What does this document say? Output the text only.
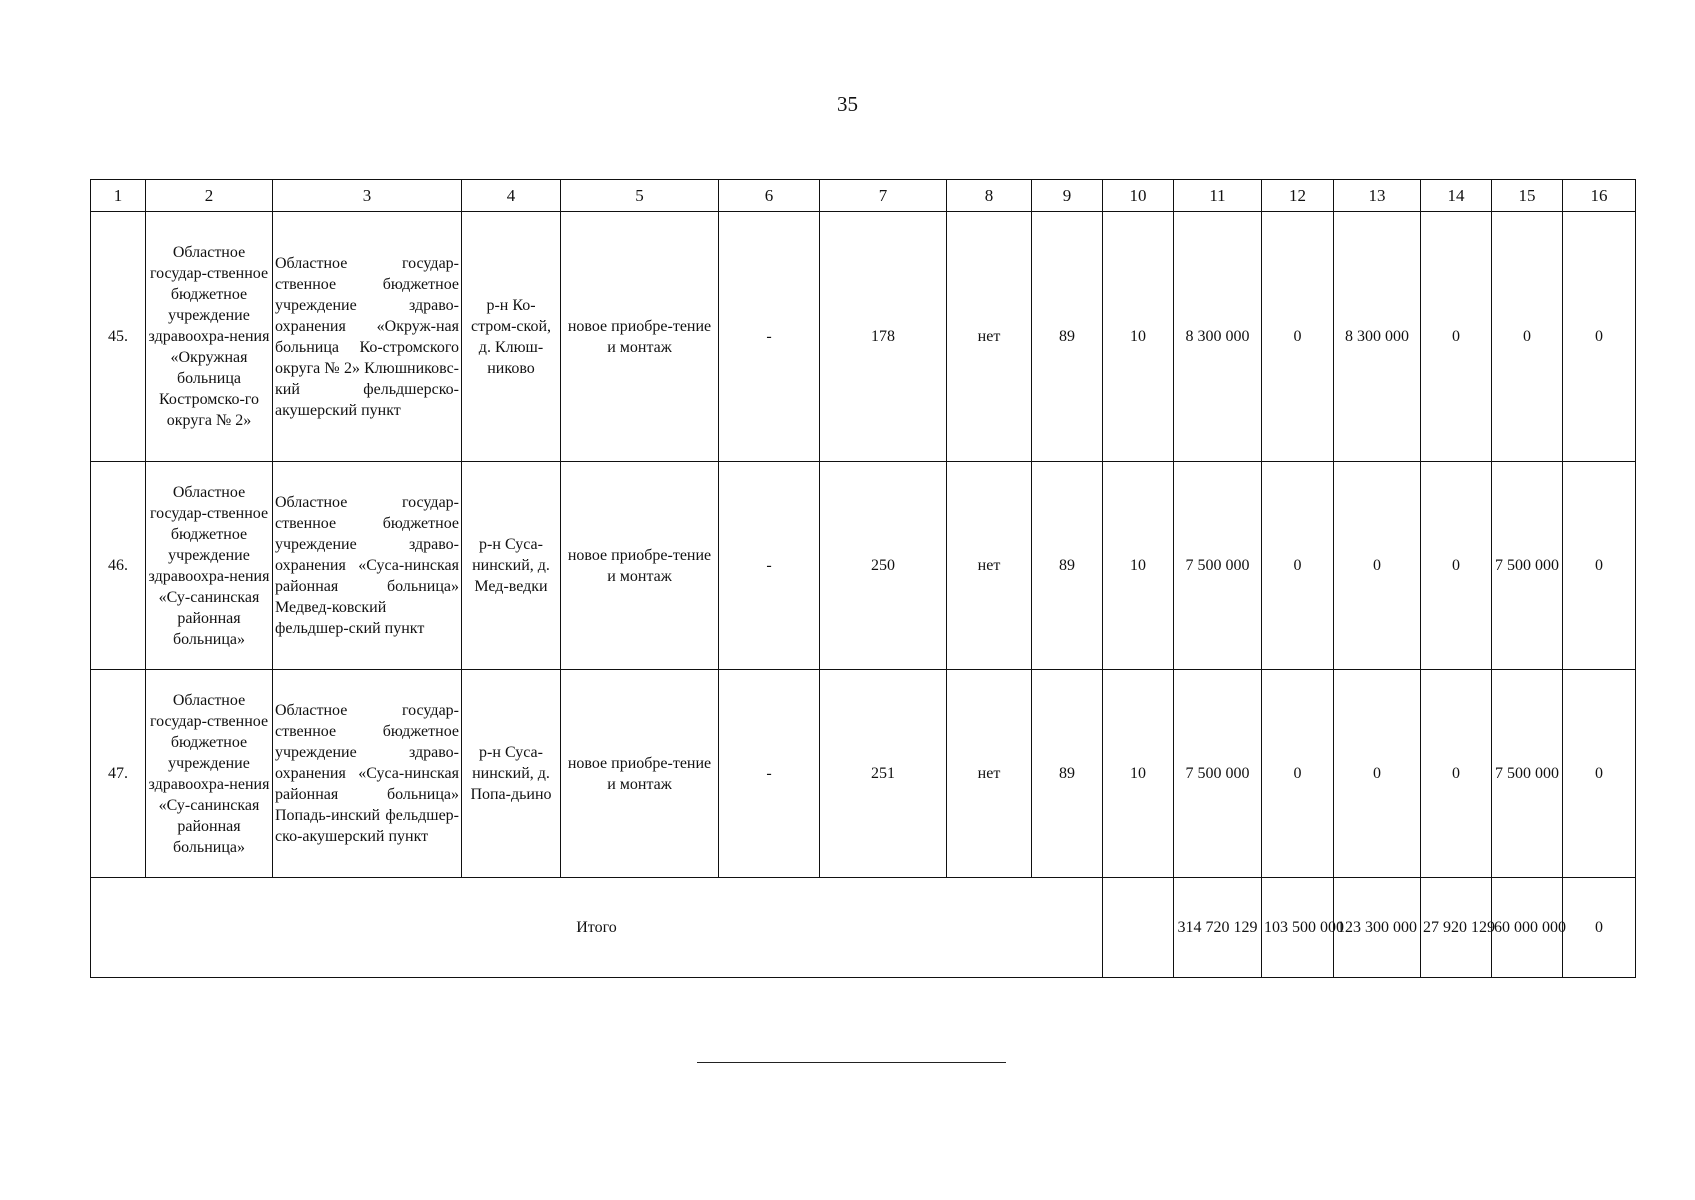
35
1	2	3	4	5	6	7	8	9	10	11	12	13	14	15	16
45.	Областное государ-ственное бюджетное учреждение здравоохра-нения «Окружная больница Костромско-го округа № 2»	Областное государ-ственное бюджетное учреждение здраво-охранения «Окруж-ная больница Ко-стромского округа № 2» Клюшниковс-кий фельдшерско-акушерский пункт	р-н Ко-стром-ской, д. Клюш-никово	новое приобре-тение и монтаж	-	178	нет	89	10	8 300 000	0	8 300 000	0	0	0
46.	Областное государ-ственное бюджетное учреждение здравоохра-нения «Су-санинская районная больница»	Областное государ-ственное бюджетное учреждение здраво-охранения «Суса-нинская районная больница» Медвед-ковский фельдшер-ский пункт	р-н Суса-нинский, д. Мед-ведки	новое приобре-тение и монтаж	-	250	нет	89	10	7 500 000	0	0	0	7 500 000	0
47.	Областное государ-ственное бюджетное учреждение здравоохра-нения «Су-санинская районная больница»	Областное государ-ственное бюджетное учреждение здраво-охранения «Суса-нинская районная больница» Попадь-инский фельдшер-ско-акушерский пункт	р-н Суса-нинский, д. Попа-дьино	новое приобре-тение и монтаж	-	251	нет	89	10	7 500 000	0	0	0	7 500 000	0
Итого										314 720 129	103 500 000	123 300 000	27 920 129	60 000 000	0
